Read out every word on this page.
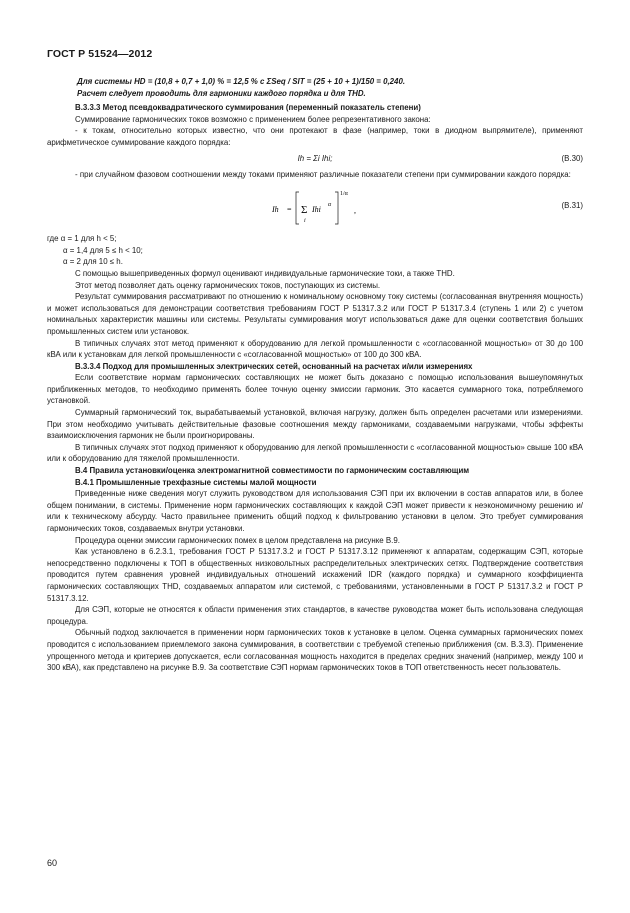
ГОСТ Р 51524—2012

Для системы HD = (10,8 + 0,7 + 1,0) % = 12,5 % с ΣSeq / SIT = (25 + 10 + 1)/150 = 0,240.

Расчет следует проводить для гармоники каждого порядка и для THD.

В.3.3.3 Метод псевдоквадратического суммирования (переменный показатель степени)

Суммирование гармонических токов возможно с применением более репрезентативного закона:

- к токам, относительно которых известно, что они протекают в фазе (например, токи в диодном выпрямителе), применяют арифметическое суммирование каждого порядка:

Ih = Σi Ihi;	(В.30)

- при случайном фазовом соотношении между токами применяют различные показатели степени при суммировании каждого порядка:

Ih = Σ
i
Ihi α
1/α
,
(В.31)

где α = 1 для h < 5;

α = 1,4 для 5 ≤ h < 10;

α = 2 для 10 ≤ h.

С помощью вышеприведенных формул оценивают индивидуальные гармонические токи, а также THD.

Этот метод позволяет дать оценку гармонических токов, поступающих из системы.

Результат суммирования рассматривают по отношению к номинальному основному току системы (согласованная внутренняя мощность) и может использоваться для демонстрации соответствия требованиям ГОСТ Р 51317.3.2 или ГОСТ Р 51317.3.4 (ступень 1 или 2) с учетом номинальных характеристик машины или системы. Результаты суммирования могут использоваться даже для оценки соответствия больших промышленных систем или установок.

В типичных случаях этот метод применяют к оборудованию для легкой промышленности с «согласованной мощностью» от 30 до 100 кВА или к установкам для легкой промышленности с «согласованной мощностью» от 100 до 300 кВА.

В.3.3.4 Подход для промышленных электрических сетей, основанный на расчетах и/или измерениях

Если соответствие нормам гармонических составляющих не может быть доказано с помощью использования вышеупомянутых приближенных методов, то необходимо применять более точную оценку эмиссии гармоник. Это касается суммарного тока, потребляемого установкой.

Суммарный гармонический ток, вырабатываемый установкой, включая нагрузку, должен быть определен расчетами или измерениями. При этом необходимо учитывать действительные фазовые соотношения между гармониками, создаваемыми нагрузками, чтобы эффекты взаимоисключения гармоник не были проигнорированы.

В типичных случаях этот подход применяют к оборудованию для легкой промышленности с «согласованной мощностью» свыше 100 кВА или к оборудованию для тяжелой промышленности.

В.4 Правила установки/оценка электромагнитной совместимости по гармоническим составляющим

В.4.1 Промышленные трехфазные системы малой мощности

Приведенные ниже сведения могут служить руководством для использования СЭП при их включении в состав аппаратов или, в более общем понимании, в системы. Применение норм гармонических составляющих к каждой СЭП может привести к неэкономичному решению и/или к техническому абсурду. Часто правильнее применить общий подход к фильтрованию установки в целом. Это требует суммирования гармонических токов, создаваемых внутри установки.

Процедура оценки эмиссии гармонических помех в целом представлена на рисунке В.9.

Как установлено в 6.2.3.1, требования ГОСТ Р 51317.3.2 и ГОСТ Р 51317.3.12 применяют к аппаратам, содержащим СЭП, которые непосредственно подключены к ТОП в общественных низковольтных распределительных электрических сетях. Подтверждение соответствия проводится путем сравнения уровней индивидуальных отношений искажений IDR (каждого порядка) и суммарного коэффициента гармонических составляющих THD, создаваемых аппаратом или системой, с требованиями, установленными в ГОСТ Р 51317.3.2 и ГОСТ Р 51317.3.12.

Для СЭП, которые не относятся к области применения этих стандартов, в качестве руководства может быть использована следующая процедура.

Обычный подход заключается в применении норм гармонических токов к установке в целом. Оценка суммарных гармонических помех проводится с использованием приемлемого закона суммирования, в соответствии с требуемой степенью приближения (см. В.3.3). Применение упрощенного метода и критериев допускается, если согласованная мощность находится в пределах средних значений (например, между 100 и 300 кВА), как представлено на рисунке В.9. За соответствие СЭП нормам гармонических токов в ТОП ответственность несет пользователь.

60
